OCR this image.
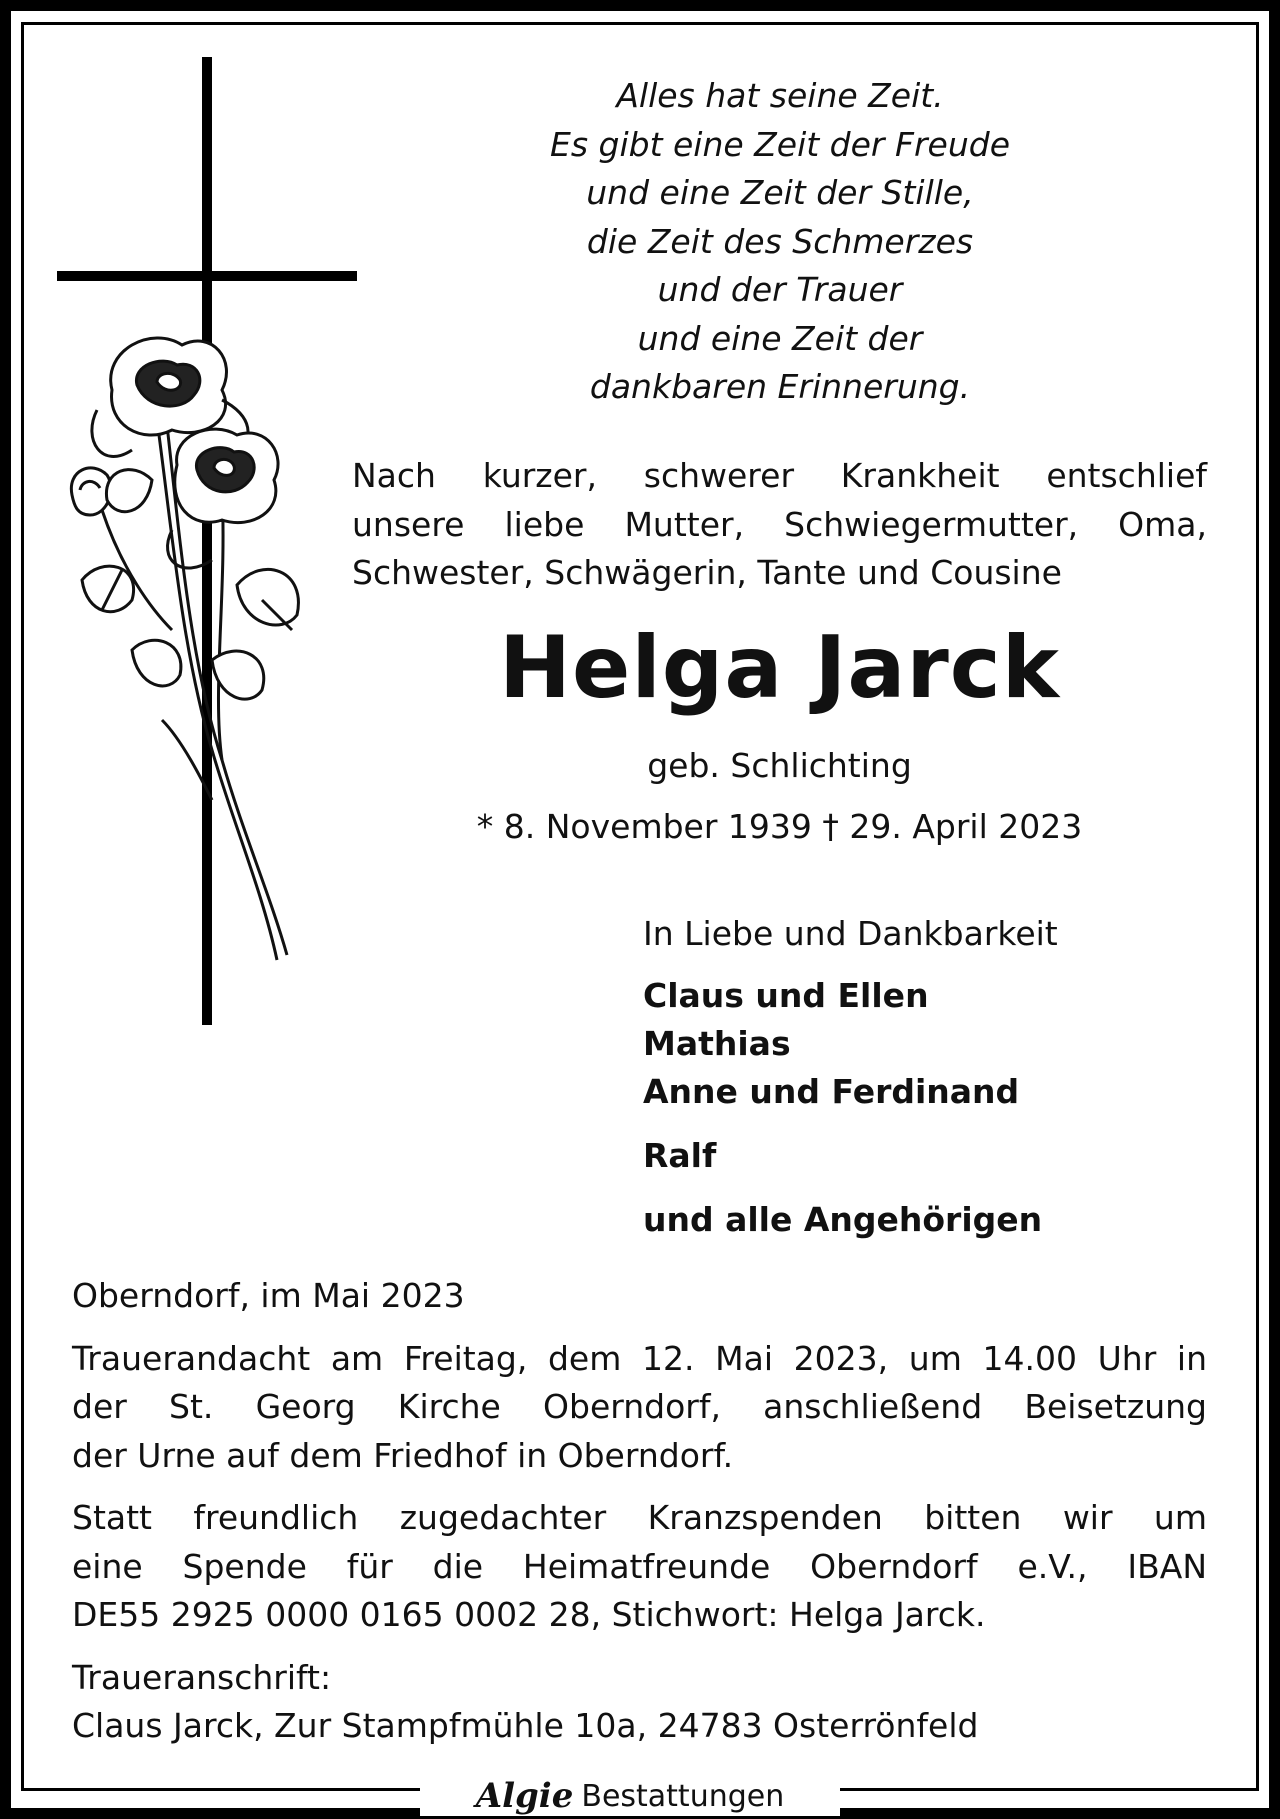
Alles hat seine Zeit.
Es gibt eine Zeit der Freude
und eine Zeit der Stille,
die Zeit des Schmerzes
und der Trauer
und eine Zeit der
dankbaren Erinnerung.
Nach kurzer, schwerer Krankheit entschlief
unsere liebe Mutter, Schwiegermutter, Oma,
Schwester, Schwägerin, Tante und Cousine
Helga Jarck
geb. Schlichting
* 8. November 1939 † 29. April 2023
In Liebe und Dankbarkeit
Claus und Ellen
Mathias
Anne und Ferdinand
Ralf
und alle Angehörigen

Oberndorf, im Mai 2023

Trauerandacht am Freitag, dem 12. Mai 2023, um 14.00 Uhr in
der St. Georg Kirche Oberndorf, anschließend Beisetzung
der Urne auf dem Friedhof in Oberndorf.

Statt freundlich zugedachter Kranzspenden bitten wir um
eine Spende für die Heimatfreunde Oberndorf e.V., IBAN
DE55 2925 0000 0165 0002 28, Stichwort: Helga Jarck.

Traueranschrift:
Claus Jarck, Zur Stampfmühle 10a, 24783 Osterrönfeld

Algie Bestattungen
